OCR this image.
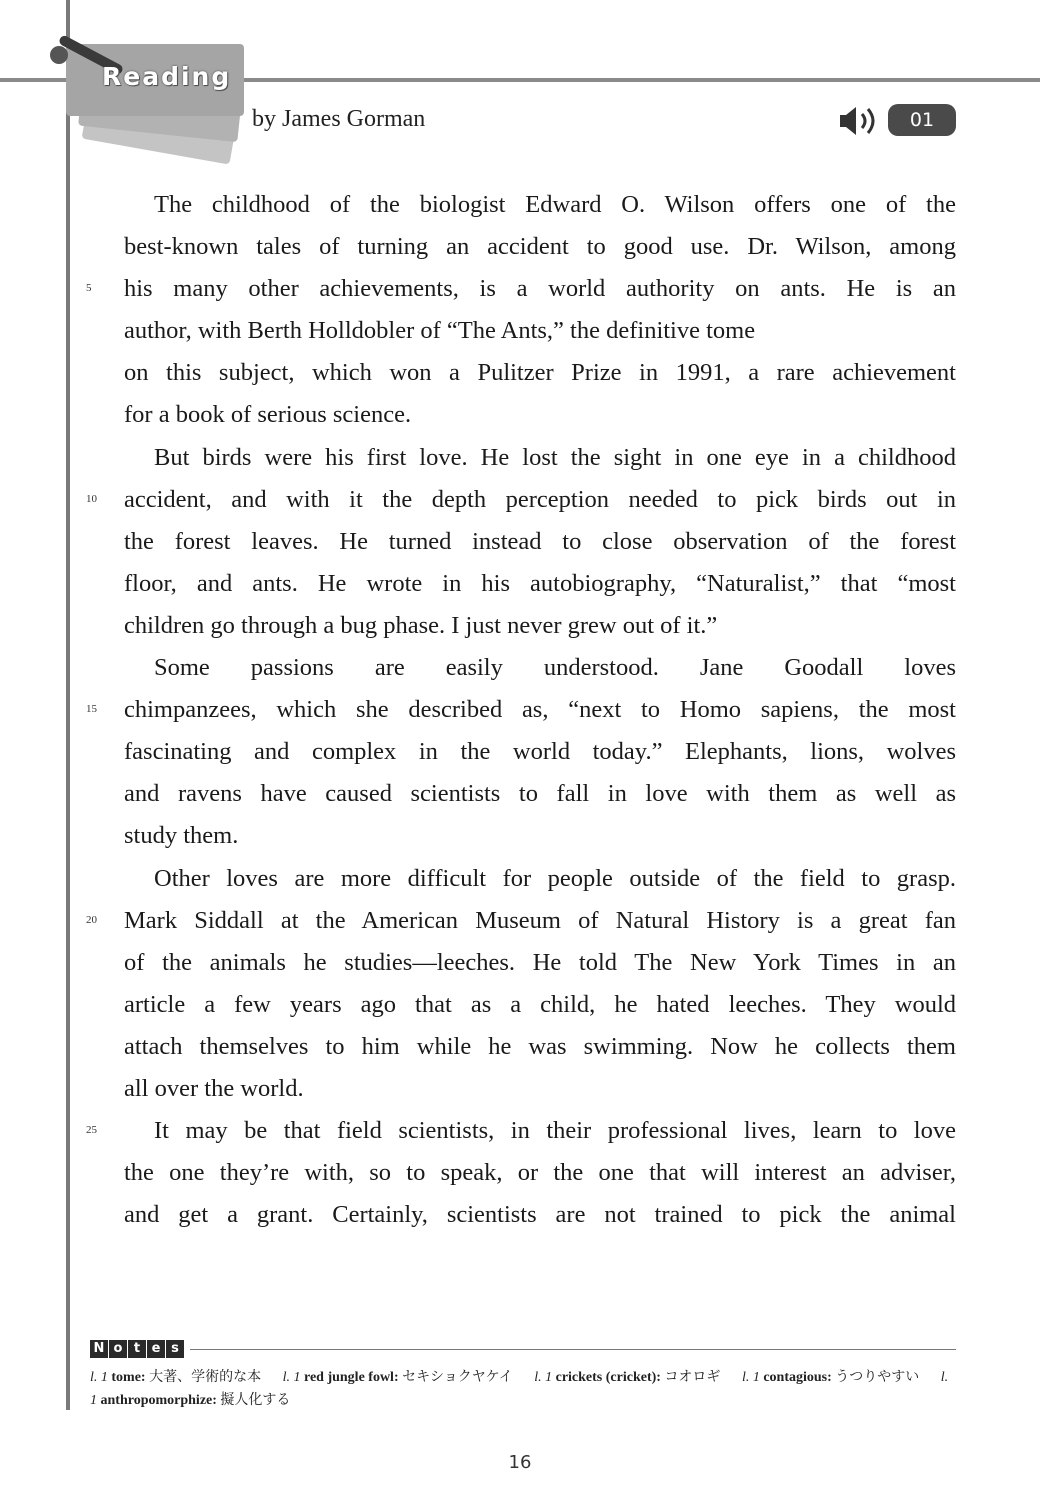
Reading
by James Gorman	01
The childhood of the biologist Edward O. Wilson offers one of the
best-known tales of turning an accident to good use. Dr. Wilson, among
his many other achievements, is a world authority on ants. He is an
author, with Berth Holldobler of “The Ants,” the definitive tome
on this subject, which won a Pulitzer Prize in 1991, a rare achievement
for a book of serious science.
But birds were his first love. He lost the sight in one eye in a childhood
accident, and with it the depth perception needed to pick birds out in
the forest leaves. He turned instead to close observation of the forest
floor, and ants. He wrote in his autobiography, “Naturalist,” that “most
children go through a bug phase. I just never grew out of it.”
Some passions are easily understood. Jane Goodall loves
chimpanzees, which she described as, “next to Homo sapiens, the most
fascinating and complex in the world today.” Elephants, lions, wolves
and ravens have caused scientists to fall in love with them as well as
study them.
Other loves are more difficult for people outside of the field to grasp.
Mark Siddall at the American Museum of Natural History is a great fan
of the animals he studies—leeches. He told The New York Times in an
article a few years ago that as a child, he hated leeches. They would
attach themselves to him while he was swimming. Now he collects them
all over the world.
It may be that field scientists, in their professional lives, learn to love
the one they’re with, so to speak, or the one that will interest an adviser,
and get a grant. Certainly, scientists are not trained to pick the animal
5
10
15
20
25
N o t e s
l. 1 tome: 大著、学術的な本 l. 1 red jungle fowl: セキショクヤケイ l. 1 crickets (cricket): コオロギ l. 1 contagious: うつりやすい l. 1 anthropomorphize: 擬人化する
16
